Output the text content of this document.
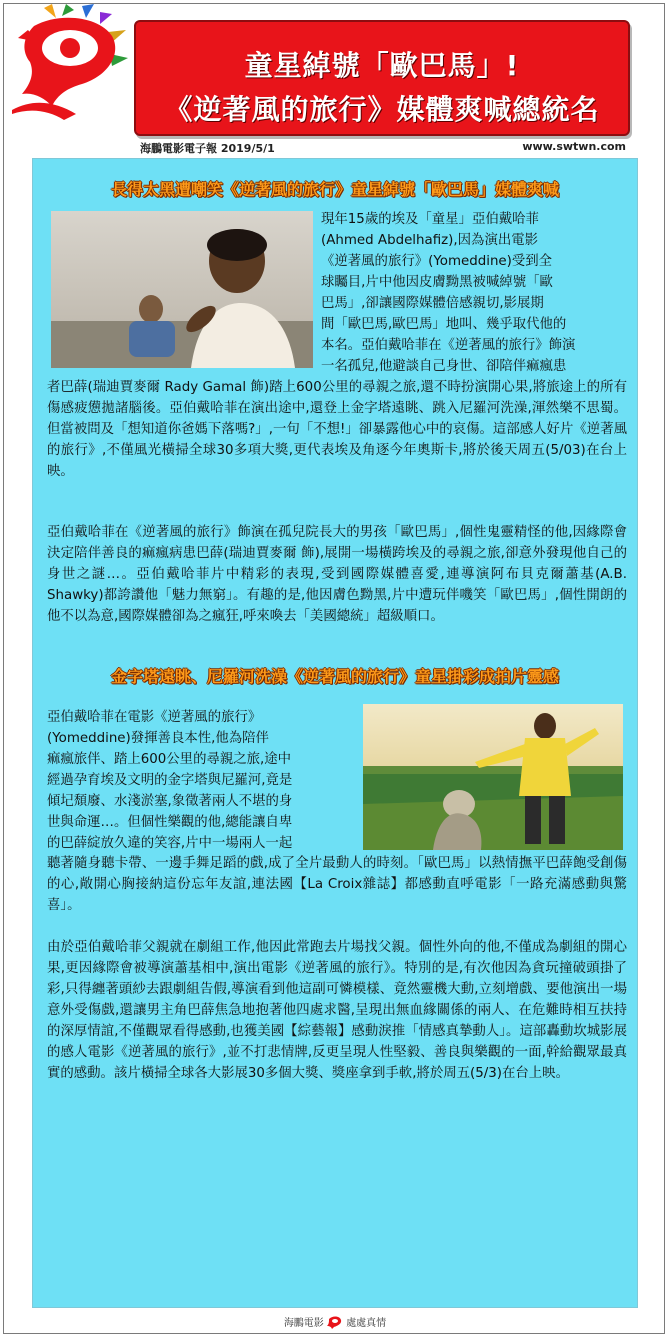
童星綽號「歐巴馬」!
《逆著風的旅行》媒體爽喊總統名
海鵬電影電子報 2019/5/1	www.swtwn.com
長得太黑遭嘲笑《逆著風的旅行》童星綽號「歐巴馬」媒體爽喊
現年15歲的埃及「童星」亞伯戴哈菲
(Ahmed Abdelhafiz),因為演出電影
《逆著風的旅行》(Yomeddine)受到全
球矚目,片中他因皮膚黝黑被喊綽號「歐
巴馬」,卻讓國際媒體倍感親切,影展期
間「歐巴馬,歐巴馬」地叫、幾乎取代他的
本名。亞伯戴哈菲在《逆著風的旅行》飾演
一名孤兒,他避談自己身世、卻陪伴痲瘋患

者巴薛(瑞迪賈麥爾 Rady Gamal 飾)踏上600公里的尋親之旅,還不時扮演開心果,將旅途上的所有傷感疲憊拋諸腦後。亞伯戴哈菲在演出途中,還登上金字塔遠眺、跳入尼羅河洗澡,渾然樂不思蜀。但當被問及「想知道你爸媽下落嗎?」,一句「不想!」卻暴露他心中的哀傷。這部感人好片《逆著風的旅行》,不僅風光橫掃全球30多項大獎,更代表埃及角逐今年奧斯卡,將於後天周五(5/03)在台上映。

亞伯戴哈菲在《逆著風的旅行》飾演在孤兒院長大的男孩「歐巴馬」,個性鬼靈精怪的他,因緣際會決定陪伴善良的痲瘋病患巴薛(瑞迪賈麥爾 飾),展開一場橫跨埃及的尋親之旅,卻意外發現他自己的身世之謎…。亞伯戴哈菲片中精彩的表現,受到國際媒體喜愛,連導演阿布貝克爾蕭基(A.B. Shawky)都誇讚他「魅力無窮」。有趣的是,他因膚色黝黑,片中遭玩伴嘰笑「歐巴馬」,個性開朗的他不以為意,國際媒體卻為之瘋狂,呼來喚去「美國總統」超級順口。

金字塔遠眺、尼羅河洗澡《逆著風的旅行》童星掛彩成拍片靈感
亞伯戴哈菲在電影《逆著風的旅行》
(Yomeddine)發揮善良本性,他為陪伴
痲瘋旅伴、踏上600公里的尋親之旅,途中
經過孕育埃及文明的金字塔與尼羅河,竟是
傾圮頹廢、水淺淤塞,象徵著兩人不堪的身
世與命運…。但個性樂觀的他,總能讓自卑
的巴薛綻放久違的笑容,片中一場兩人一起

聽著隨身聽卡帶、一邊手舞足蹈的戲,成了全片最動人的時刻。「歐巴馬」以熱情撫平巴薛飽受創傷的心,敞開心胸接納這份忘年友誼,連法國【La Croix雜誌】都感動直呼電影「一路充滿感動與驚喜」。

由於亞伯戴哈菲父親就在劇組工作,他因此常跑去片場找父親。個性外向的他,不僅成為劇組的開心果,更因緣際會被導演蕭基相中,演出電影《逆著風的旅行》。特別的是,有次他因為貪玩撞破頭掛了彩,只得纏著頭紗去跟劇組告假,導演看到他這副可憐模樣、竟然靈機大動,立刻增戲、要他演出一場意外受傷戲,還讓男主角巴薛焦急地抱著他四處求醫,呈現出無血緣關係的兩人、在危難時相互扶持的深厚情誼,不僅觀眾看得感動,也獲美國【綜藝報】感動淚推「情感真摯動人」。這部轟動坎城影展的感人電影《逆著風的旅行》,並不打悲情牌,反更呈現人性堅毅、善良與樂觀的一面,幹給觀眾最真實的感動。該片橫掃全球各大影展30多個大獎、獎座拿到手軟,將於周五(5/3)在台上映。

海鵬電影 處處真情
